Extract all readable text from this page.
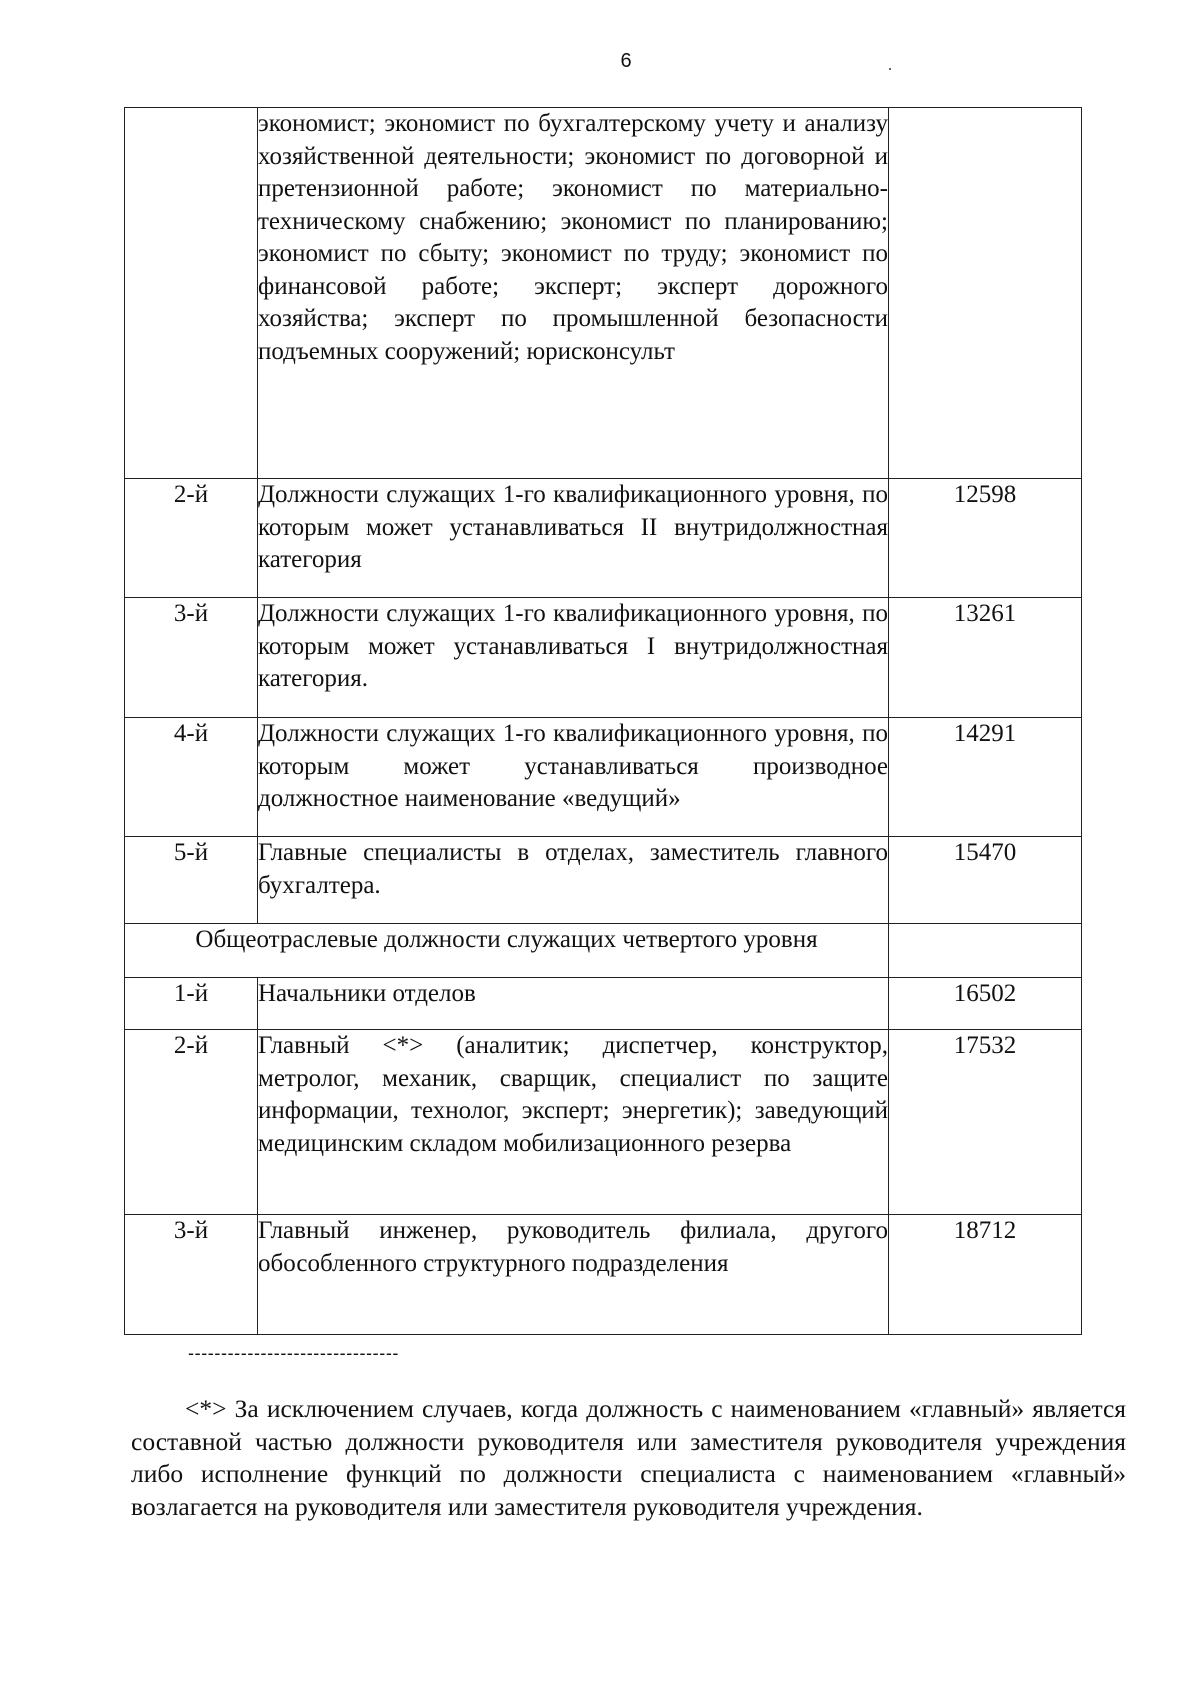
6
	экономист; экономист по бухгалтерскому учету и анализу хозяйственной деятельности; экономист по договорной и претензионной работе; экономист по материально-техническому снабжению; экономист по планированию; экономист по сбыту; экономист по труду; экономист по финансовой работе; эксперт; эксперт дорожного хозяйства; эксперт по промышленной безопасности подъемных сооружений; юрисконсульт	
2-й	Должности служащих 1-го квалификационного уровня, по которым может устанавливаться II внутридолжностная категория	12598
3-й	Должности служащих 1-го квалификационного уровня, по которым может устанавливаться I внутридолжностная категория.	13261
4-й	Должности служащих 1-го квалификационного уровня, по которым может устанавливаться производное должностное наименование «ведущий»	14291
5-й	Главные специалисты в отделах, заместитель главного бухгалтера.	15470
Общеотраслевые должности служащих четвертого уровня		
1-й	Начальники отделов	16502
2-й	Главный <*> (аналитик; диспетчер, конструктор, метролог, механик, сварщик, специалист по защите информации, технолог, эксперт; энергетик); заведующий медицинским складом мобилизационного резерва	17532
3-й	Главный инженер, руководитель филиала, другого обособленного структурного подразделения	18712
--------------------------------

<*> За исключением случаев, когда должность с наименованием «главный» является составной частью должности руководителя или заместителя руководителя учреждения либо исполнение функций по должности специалиста с наименованием «главный» возлагается на руководителя или заместителя руководителя учреждения.
